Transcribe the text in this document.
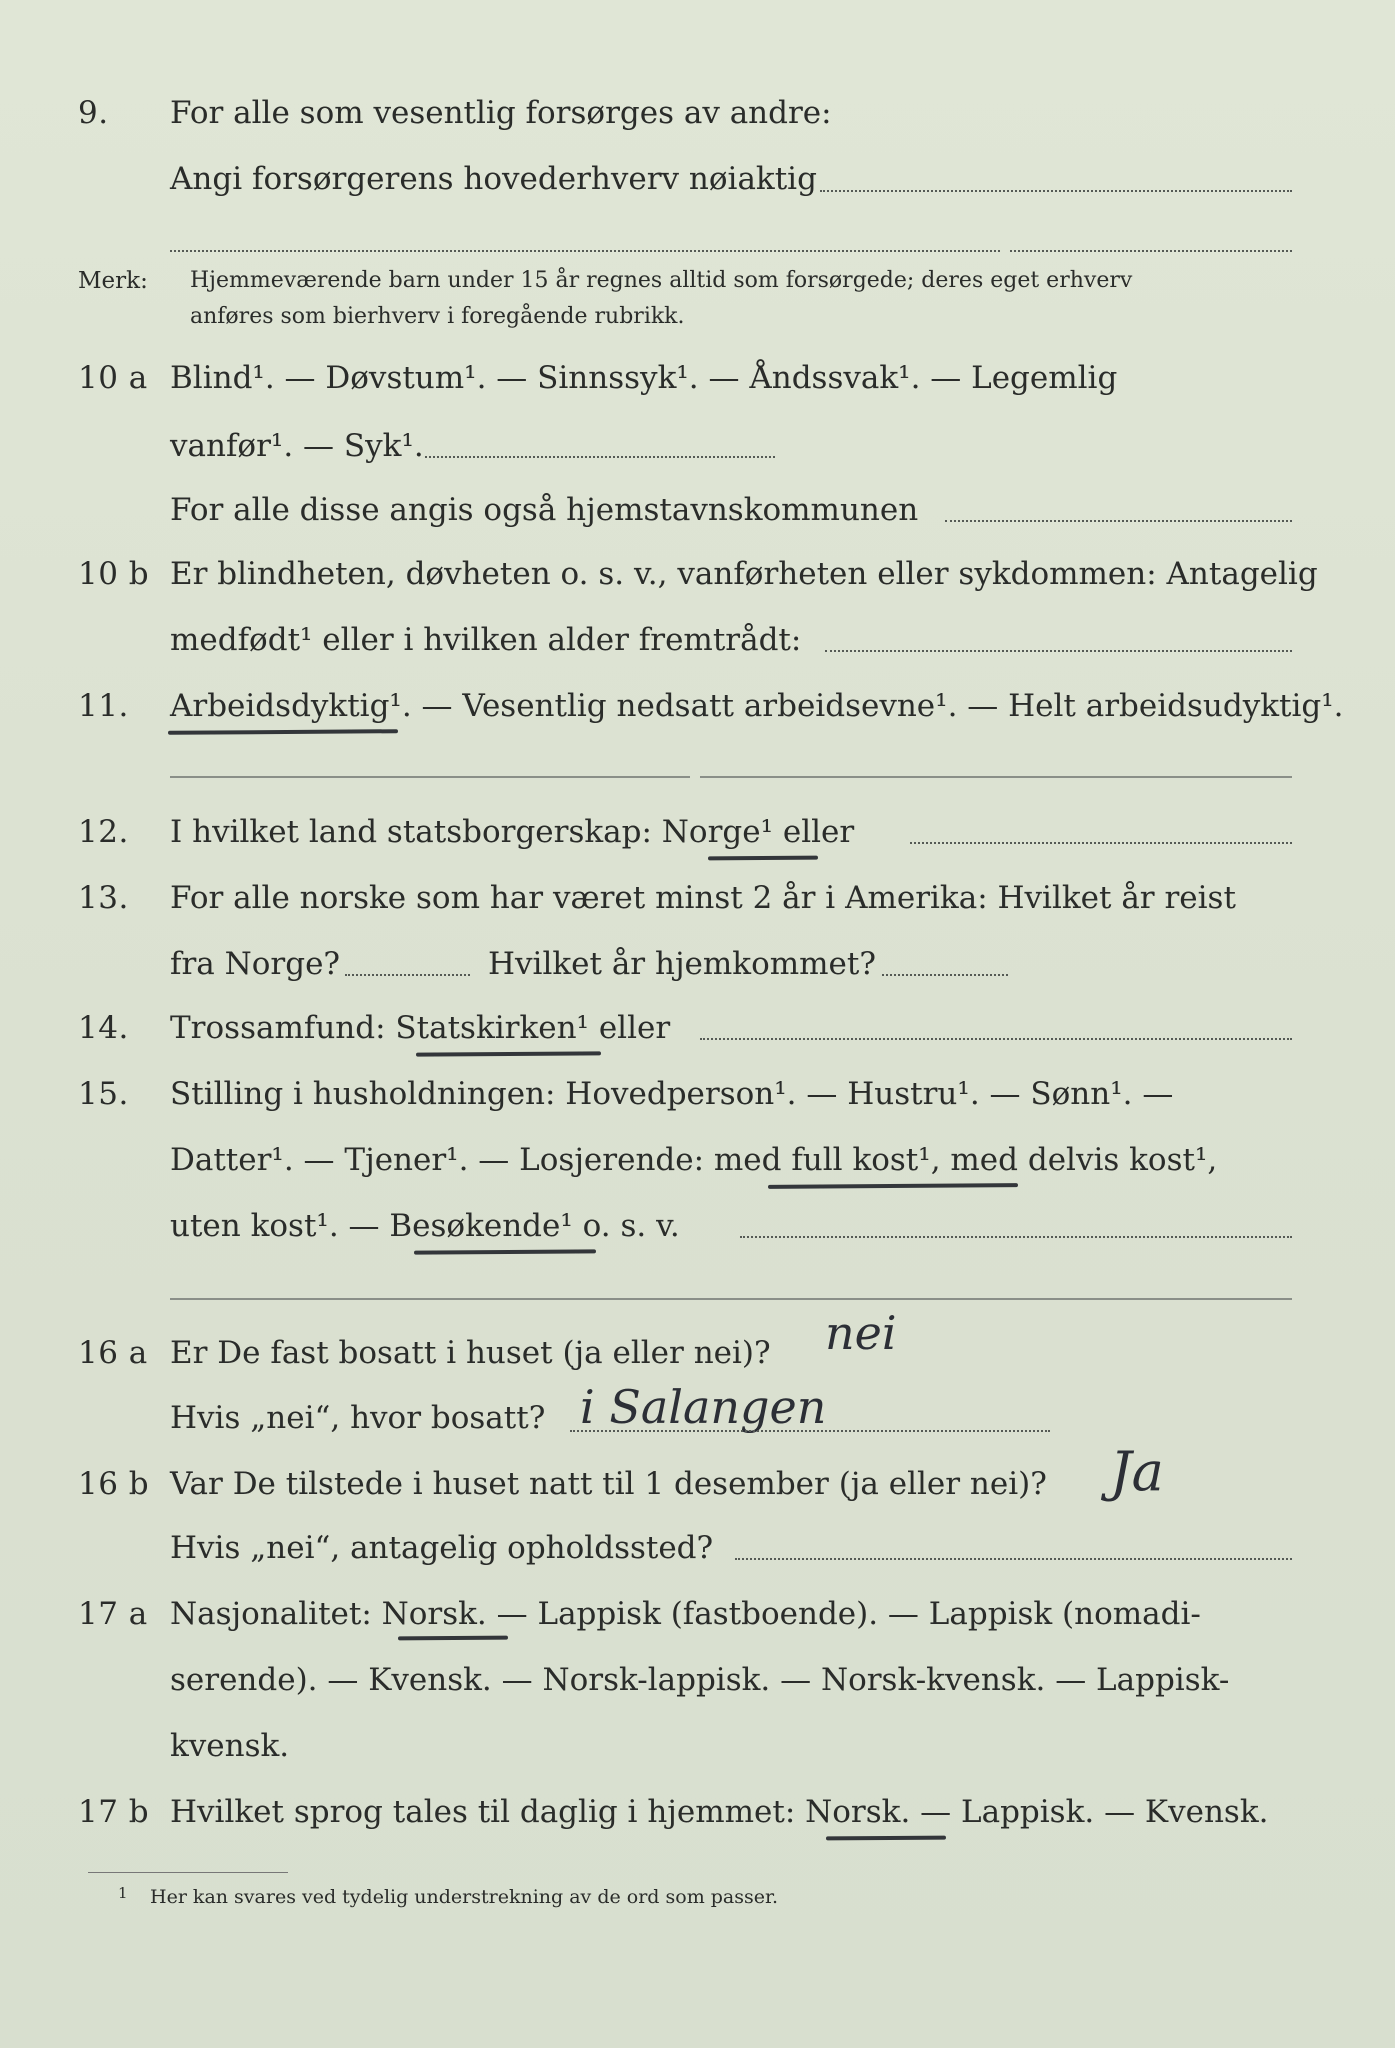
9. For alle som vesentlig forsørges av andre:
Angi forsørgerens hovederhverv nøiaktig
Merk: Hjemmeværende barn under 15 år regnes alltid som forsørgede; deres eget erhverv
anføres som bierhverv i foregående rubrikk.
10 a Blind¹. — Døvstum¹. — Sinnssyk¹. — Åndssvak¹. — Legemlig
vanfør¹. — Syk¹.
For alle disse angis også hjemstavnskommunen
10 b Er blindheten, døvheten o. s. v., vanførheten eller sykdommen: Antagelig
medfødt¹ eller i hvilken alder fremtrådt:
11. Arbeidsdyktig¹. — Vesentlig nedsatt arbeidsevne¹. — Helt arbeidsudyktig¹.
12. I hvilket land statsborgerskap: Norge¹ eller
13. For alle norske som har været minst 2 år i Amerika: Hvilket år reist
fra Norge?	Hvilket år hjemkommet?
14. Trossamfund: Statskirken¹ eller
15. Stilling i husholdningen: Hovedperson¹. — Hustru¹. — Sønn¹. —
Datter¹. — Tjener¹. — Losjerende: med full kost¹, med delvis kost¹,
uten kost¹. — Besøkende¹ o. s. v.
16 a Er De fast bosatt i huset (ja eller nei)? nei
Hvis „nei“, hvor bosatt? i Salangen
16 b Var De tilstede i huset natt til 1 desember (ja eller nei)? Ja
Hvis „nei“, antagelig opholdssted?
17 a Nasjonalitet: Norsk. — Lappisk (fastboende). — Lappisk (nomadi-
serende). — Kvensk. — Norsk-lappisk. — Norsk-kvensk. — Lappisk-
kvensk.
17 b Hvilket sprog tales til daglig i hjemmet: Norsk. — Lappisk. — Kvensk.
1 Her kan svares ved tydelig understrekning av de ord som passer.
